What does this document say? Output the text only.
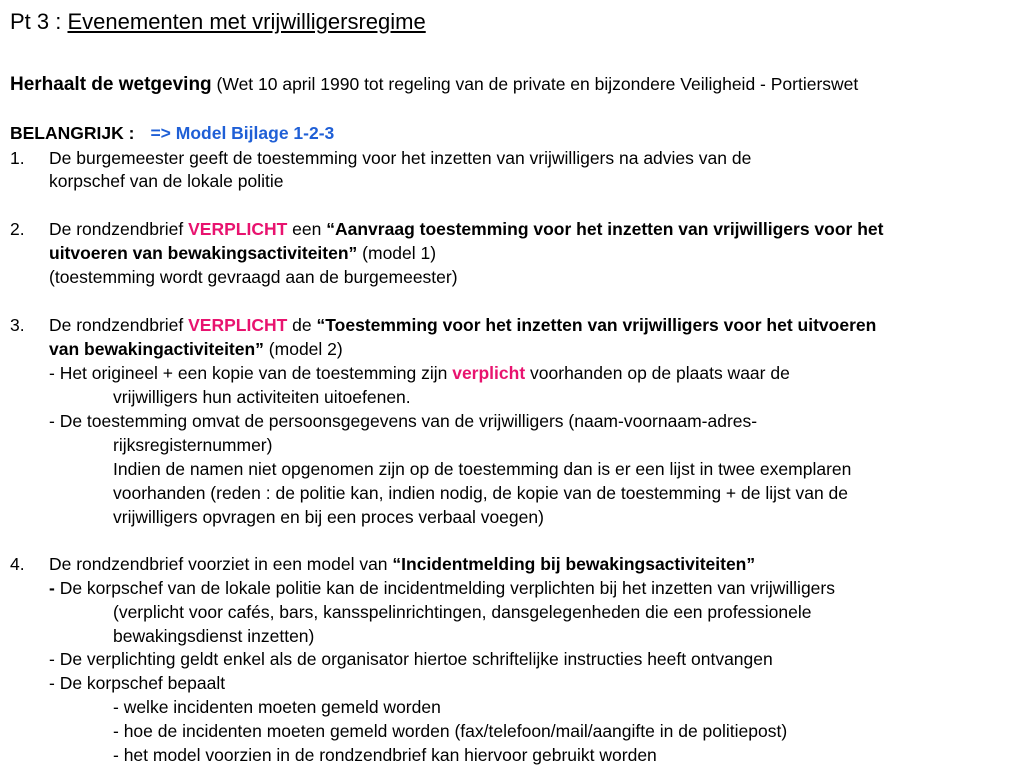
Pt 3 : Evenementen met vrijwilligersregime
Herhaalt de wetgeving (Wet 10 april 1990 tot regeling van de private en bijzondere Veiligheid - Portierswet
BELANGRIJK : => Model Bijlage 1-2-3
1. De burgemeester geeft de toestemming voor het inzetten van vrijwilligers na advies van de
korpschef van de lokale politie
2. De rondzendbrief VERPLICHT een “Aanvraag toestemming voor het inzetten van vrijwilligers voor het
uitvoeren van bewakingsactiviteiten” (model 1)
(toestemming wordt gevraagd aan de burgemeester)
3. De rondzendbrief VERPLICHT de “Toestemming voor het inzetten van vrijwilligers voor het uitvoeren
van bewakingactiviteiten” (model 2)
- Het origineel + een kopie van de toestemming zijn verplicht voorhanden op de plaats waar de
vrijwilligers hun activiteiten uitoefenen.
- De toestemming omvat de persoonsgegevens van de vrijwilligers (naam-voornaam-adres-
rijksregisternummer)
Indien de namen niet opgenomen zijn op de toestemming dan is er een lijst in twee exemplaren
voorhanden (reden : de politie kan, indien nodig, de kopie van de toestemming + de lijst van de
vrijwilligers opvragen en bij een proces verbaal voegen)
4. De rondzendbrief voorziet in een model van “Incidentmelding bij bewakingsactiviteiten”
- De korpschef van de lokale politie kan de incidentmelding verplichten bij het inzetten van vrijwilligers
(verplicht voor cafés, bars, kansspelinrichtingen, dansgelegenheden die een professionele
bewakingsdienst inzetten)
- De verplichting geldt enkel als de organisator hiertoe schriftelijke instructies heeft ontvangen
- De korpschef bepaalt
- welke incidenten moeten gemeld worden
- hoe de incidenten moeten gemeld worden (fax/telefoon/mail/aangifte in de politiepost)
- het model voorzien in de rondzendbrief kan hiervoor gebruikt worden
